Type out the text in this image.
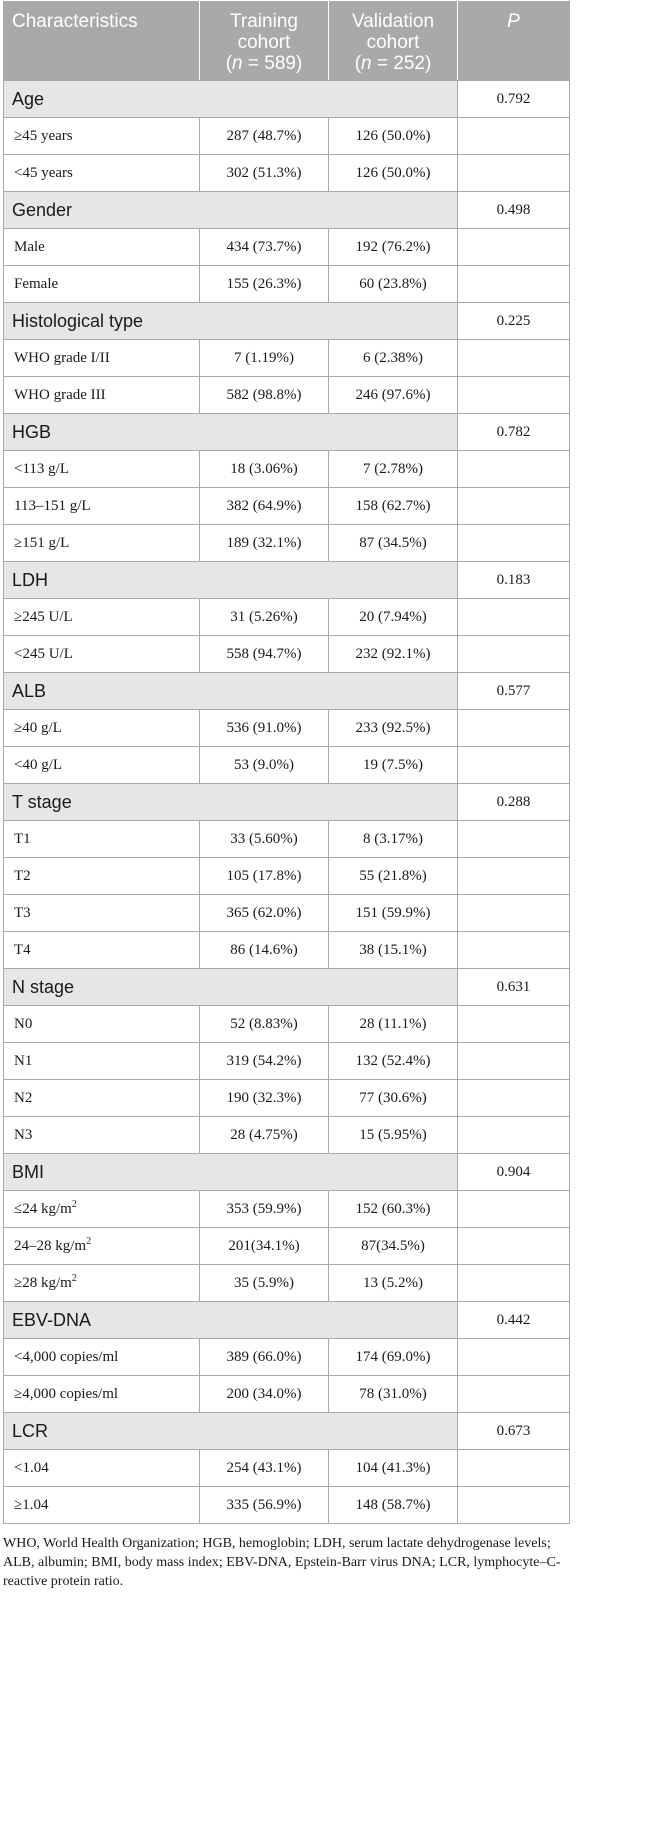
Characteristics	Training
cohort
(n = 589)	Validation
cohort
(n = 252)	P
Age			0.792
≥45 years	287 (48.7%)	126 (50.0%)	
<45 years	302 (51.3%)	126 (50.0%)	
Gender			0.498
Male	434 (73.7%)	192 (76.2%)	
Female	155 (26.3%)	60 (23.8%)	
Histological type			0.225
WHO grade I/II	7 (1.19%)	6 (2.38%)	
WHO grade III	582 (98.8%)	246 (97.6%)	
HGB			0.782
<113 g/L	18 (3.06%)	7 (2.78%)	
113–151 g/L	382 (64.9%)	158 (62.7%)	
≥151 g/L	189 (32.1%)	87 (34.5%)	
LDH			0.183
≥245 U/L	31 (5.26%)	20 (7.94%)	
<245 U/L	558 (94.7%)	232 (92.1%)	
ALB			0.577
≥40 g/L	536 (91.0%)	233 (92.5%)	
<40 g/L	53 (9.0%)	19 (7.5%)	
T stage			0.288
T1	33 (5.60%)	8 (3.17%)	
T2	105 (17.8%)	55 (21.8%)	
T3	365 (62.0%)	151 (59.9%)	
T4	86 (14.6%)	38 (15.1%)	
N stage			0.631
N0	52 (8.83%)	28 (11.1%)	
N1	319 (54.2%)	132 (52.4%)	
N2	190 (32.3%)	77 (30.6%)	
N3	28 (4.75%)	15 (5.95%)	
BMI			0.904
≤24 $kg/m^2$	353 (59.9%)	152 (60.3%)	
24–28 $kg/m^2$	201(34.1%)	87(34.5%)	
≥28 $kg/m^2$	35 (5.9%)	13 (5.2%)	
EBV-DNA			0.442
<4,000 copies/ml	389 (66.0%)	174 (69.0%)	
≥4,000 copies/ml	200 (34.0%)	78 (31.0%)	
LCR			0.673
<1.04	254 (43.1%)	104 (41.3%)	
≥1.04	335 (56.9%)	148 (58.7%)	
WHO, World Health Organization; HGB, hemoglobin; LDH, serum lactate dehydrogenase levels; ALB, albumin; BMI, body mass index; EBV-DNA, Epstein-Barr virus DNA; LCR, lymphocyte–C-reactive protein ratio.
